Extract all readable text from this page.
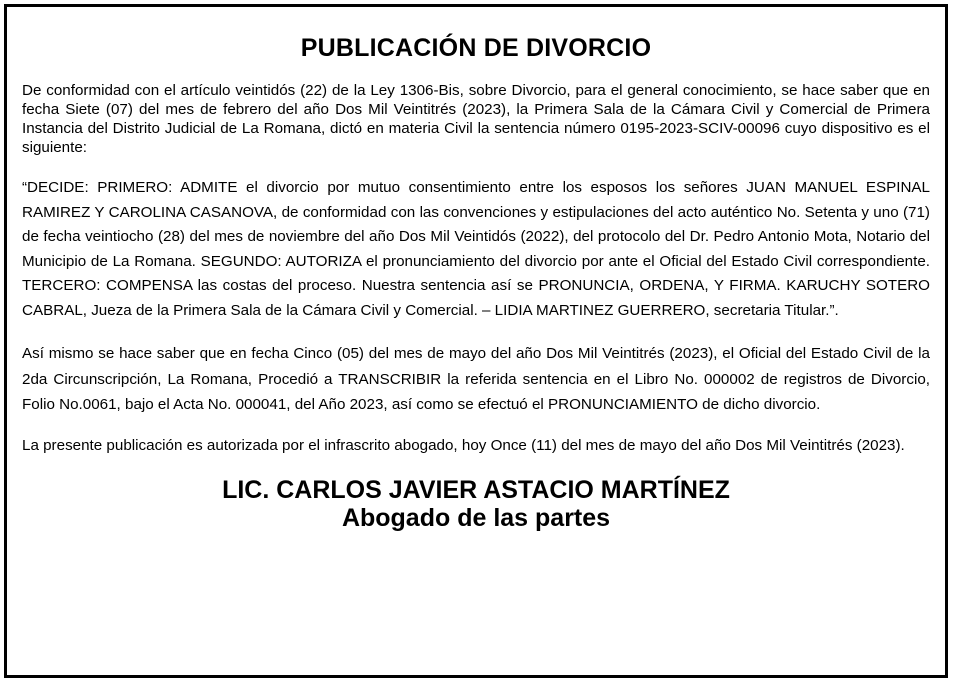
PUBLICACIÓN DE DIVORCIO

De conformidad con el artículo veintidós (22) de la Ley 1306-Bis, sobre Divorcio, para el general conocimiento, se hace saber que en fecha Siete (07) del mes de febrero del año Dos Mil Veintitrés (2023), la Primera Sala de la Cámara Civil y Comercial de Primera Instancia del Distrito Judicial de La Romana, dictó en materia Civil la sentencia número 0195-2023-SCIV-00096 cuyo dispositivo es el siguiente:

“DECIDE: PRIMERO: ADMITE el divorcio por mutuo consentimiento entre los esposos los señores JUAN MANUEL ESPINAL RAMIREZ Y CAROLINA CASANOVA, de conformidad con las convenciones y estipulaciones del acto auténtico No. Setenta y uno (71) de fecha veintiocho (28) del mes de noviembre del año Dos Mil Veintidós (2022), del protocolo del Dr. Pedro Antonio Mota, Notario del Municipio de La Romana. SEGUNDO: AUTORIZA el pronunciamiento del divorcio por ante el Oficial del Estado Civil correspondiente. TERCERO: COMPENSA las costas del proceso. Nuestra sentencia así se PRONUNCIA, ORDENA, Y FIRMA. KARUCHY SOTERO CABRAL, Jueza de la Primera Sala de la Cámara Civil y Comercial. – LIDIA MARTINEZ GUERRERO, secretaria Titular.”.

Así mismo se hace saber que en fecha Cinco (05) del mes de mayo del año Dos Mil Veintitrés (2023), el Oficial del Estado Civil de la 2da Circunscripción, La Romana, Procedió a TRANSCRIBIR la referida sentencia en el Libro No. 000002 de registros de Divorcio, Folio No.0061, bajo el Acta No. 000041, del Año 2023, así como se efectuó el PRONUNCIAMIENTO de dicho divorcio.

La presente publicación es autorizada por el infrascrito abogado, hoy Once (11) del mes de mayo del año Dos Mil Veintitrés (2023).

LIC. CARLOS JAVIER ASTACIO MARTÍNEZ
Abogado de las partes
